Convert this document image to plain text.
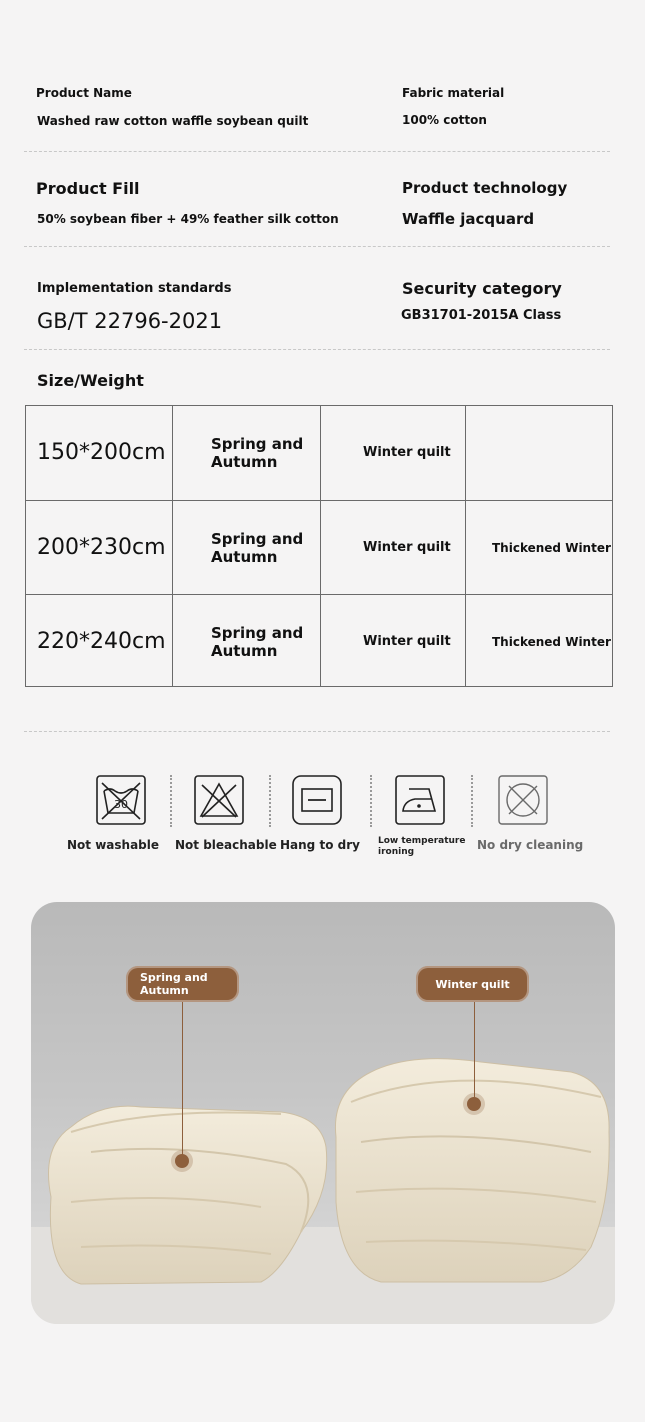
Product Name
Washed raw cotton waffle soybean quilt
Fabric material
100% cotton
Product Fill
50% soybean fiber + 49% feather silk cotton
Product technology
Waffle jacquard
Implementation standards
GB/T 22796-2021
Security category
GB31701-2015A Class
Size/Weight
150*200cm	Spring and Autumn	Winter quilt
200*230cm	Spring and Autumn	Winter quilt	Thickened Winter
220*240cm	Spring and Autumn	Winter quilt	Thickened Winter
30
Not washable Not bleachable Hang to dry Low temperature ironing	No dry cleaning
Spring and Autumn	Winter quilt
